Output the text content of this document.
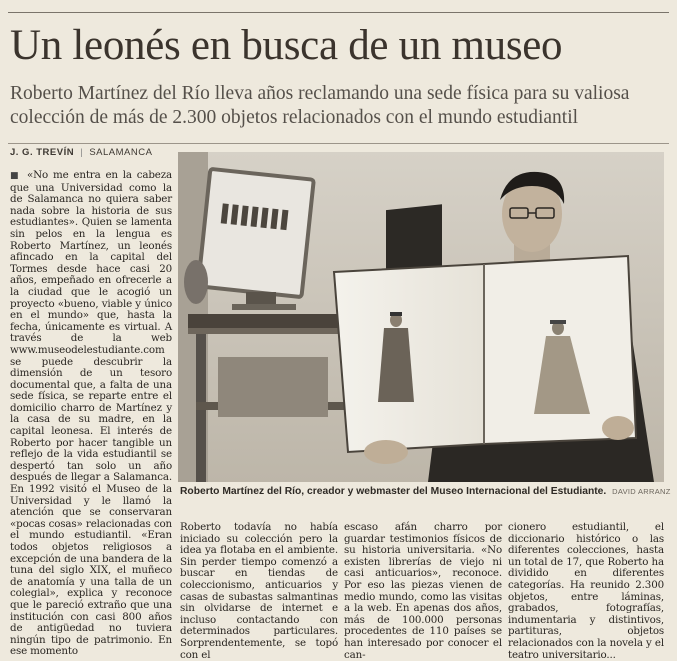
Un leonés en busca de un museo

Roberto Martínez del Río lleva años reclamando una sede física para su valiosa colección de más de 2.300 objetos relacionados con el mundo estudiantil

J. G. TREVÍN | SALAMANCA
■ «No me entra en la cabeza que una Universidad como la de Salamanca no quiera saber nada sobre la historia de sus estudiantes». Quien se lamenta sin pelos en la lengua es Roberto Martínez, un leonés afincado en la capital del Tormes desde hace casi 20 años, empeñado en ofrecerle a la ciudad que le acogió un proyecto «bueno, viable y único en el mundo» que, hasta la fecha, únicamente es virtual. A través de la web www.museodelestudiante.com se puede descubrir la dimensión de un tesoro documental que, a falta de una sede física, se reparte entre el domicilio charro de Martínez y la casa de su madre, en la capital leonesa. El interés de Roberto por hacer tangible un reflejo de la vida estudiantil se despertó tan solo un año después de llegar a Salamanca. En 1992 visitó el Museo de la Universidad y le llamó la atención que se conservaran «pocas cosas» relacionadas con el mundo estudiantil. «Eran todos objetos religiosos a excepción de una bandera de la tuna del siglo XIX, el muñeco de anatomía y una talla de un colegial», explica y reconoce que le pareció extraño que una institución con casi 800 años de antigüedad no tuviera ningún tipo de patrimonio. En ese momento
Roberto Martínez del Río, creador y webmaster del Museo Internacional del Estudiante. DAVID ARRANZ
Roberto todavía no había iniciado su colección pero la idea ya flotaba en el ambiente. Sin perder tiempo comenzó a buscar en tiendas de coleccionismo, anticuarios y casas de subastas salmantinas sin olvidarse de internet e incluso contactando con determinados particulares. Sorprendentemente, se topó con el
escaso afán charro por guardar testimonios físicos de su historia universitaria. «No existen librerías de viejo ni casi anticuarios», reconoce. Por eso las piezas vienen de medio mundo, como las visitas a la web. En apenas dos años, más de 100.000 personas procedentes de 110 países se han interesado por conocer el can-
cionero estudiantil, el diccionario histórico o las diferentes colecciones, hasta un total de 17, que Roberto ha dividido en diferentes categorías. Ha reunido 2.300 objetos, entre láminas, grabados, fotografías, indumentaria y distintivos, partituras, objetos relacionados con la novela y el teatro universitario...
